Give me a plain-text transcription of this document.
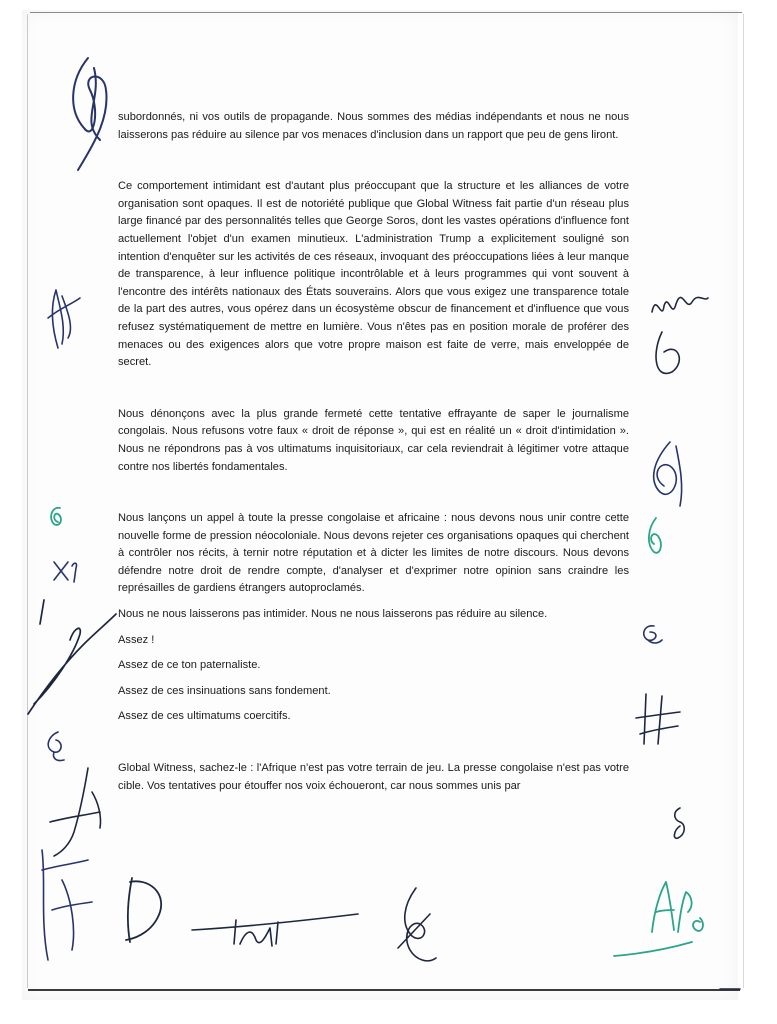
subordonnés, ni vos outils de propagande. Nous sommes des médias indépendants et nous ne nous laisserons pas réduire au silence par vos menaces d'inclusion dans un rapport que peu de gens liront.

Ce comportement intimidant est d'autant plus préoccupant que la structure et les alliances de votre organisation sont opaques. Il est de notoriété publique que Global Witness fait partie d'un réseau plus large financé par des personnalités telles que George Soros, dont les vastes opérations d'influence font actuellement l'objet d'un examen minutieux. L'administration Trump a explicitement souligné son intention d'enquêter sur les activités de ces réseaux, invoquant des préoccupations liées à leur manque de transparence, à leur influence politique incontrôlable et à leurs programmes qui vont souvent à l'encontre des intérêts nationaux des États souverains. Alors que vous exigez une transparence totale de la part des autres, vous opérez dans un écosystème obscur de financement et d'influence que vous refusez systématiquement de mettre en lumière. Vous n'êtes pas en position morale de proférer des menaces ou des exigences alors que votre propre maison est faite de verre, mais enveloppée de secret.

Nous dénonçons avec la plus grande fermeté cette tentative effrayante de saper le journalisme congolais. Nous refusons votre faux « droit de réponse », qui est en réalité un « droit d'intimidation ». Nous ne répondrons pas à vos ultimatums inquisitoriaux, car cela reviendrait à légitimer votre attaque contre nos libertés fondamentales.

Nous lançons un appel à toute la presse congolaise et africaine : nous devons nous unir contre cette nouvelle forme de pression néocoloniale. Nous devons rejeter ces organisations opaques qui cherchent à contrôler nos récits, à ternir notre réputation et à dicter les limites de notre discours. Nous devons défendre notre droit de rendre compte, d'analyser et d'exprimer notre opinion sans craindre les représailles de gardiens étrangers autoproclamés.

Nous ne nous laisserons pas intimider. Nous ne nous laisserons pas réduire au silence.

Assez !

Assez de ce ton paternaliste.

Assez de ces insinuations sans fondement.

Assez de ces ultimatums coercitifs.

Global Witness, sachez-le : l'Afrique n'est pas votre terrain de jeu. La presse congolaise n'est pas votre cible. Vos tentatives pour étouffer nos voix échoueront, car nous sommes unis par
